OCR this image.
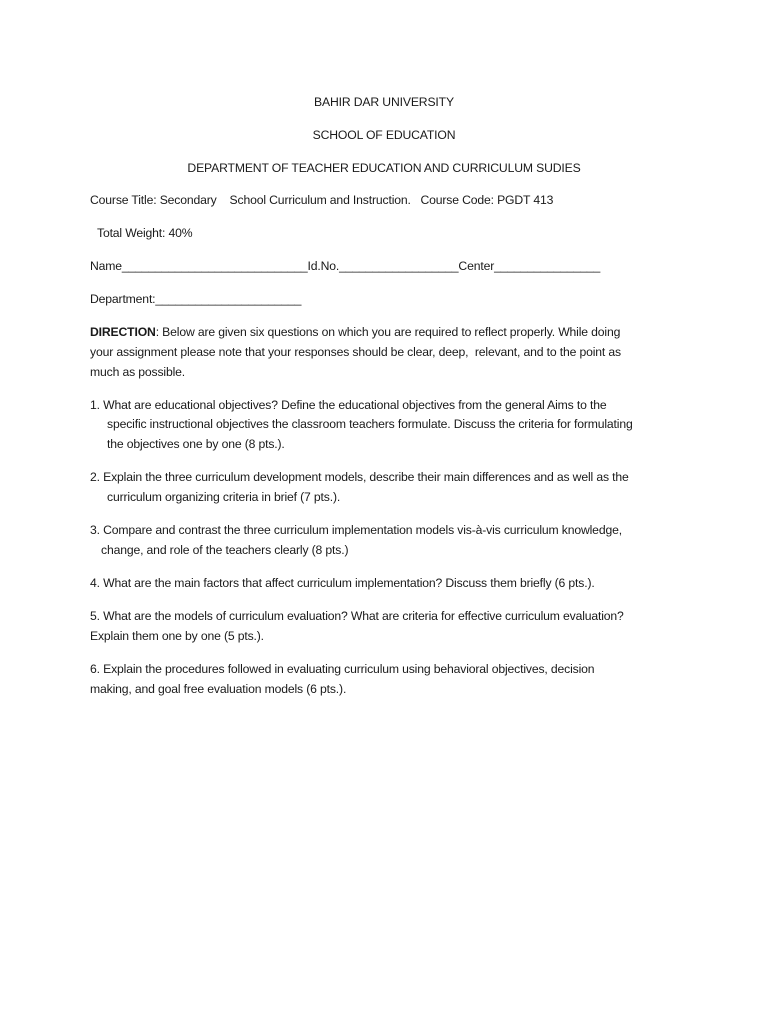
BAHIR DAR UNIVERSITY
SCHOOL OF EDUCATION
DEPARTMENT OF TEACHER EDUCATION AND CURRICULUM SUDIES
Course Title: Secondary    School Curriculum and Instruction.   Course Code: PGDT 413
Total Weight: 40%
Name____________________________Id.No.__________________Center________________
Department:______________________
DIRECTION: Below are given six questions on which you are required to reflect properly. While doing
your assignment please note that your responses should be clear, deep,  relevant, and to the point as
much as possible.
1. What are educational objectives? Define the educational objectives from the general Aims to the
specific instructional objectives the classroom teachers formulate. Discuss the criteria for formulating
the objectives one by one (8 pts.).
2. Explain the three curriculum development models, describe their main differences and as well as the
curriculum organizing criteria in brief (7 pts.).
3. Compare and contrast the three curriculum implementation models vis-à-vis curriculum knowledge,
change, and role of the teachers clearly (8 pts.)
4. What are the main factors that affect curriculum implementation? Discuss them briefly (6 pts.).
5. What are the models of curriculum evaluation? What are criteria for effective curriculum evaluation?
Explain them one by one (5 pts.).
6. Explain the procedures followed in evaluating curriculum using behavioral objectives, decision
making, and goal free evaluation models (6 pts.).
